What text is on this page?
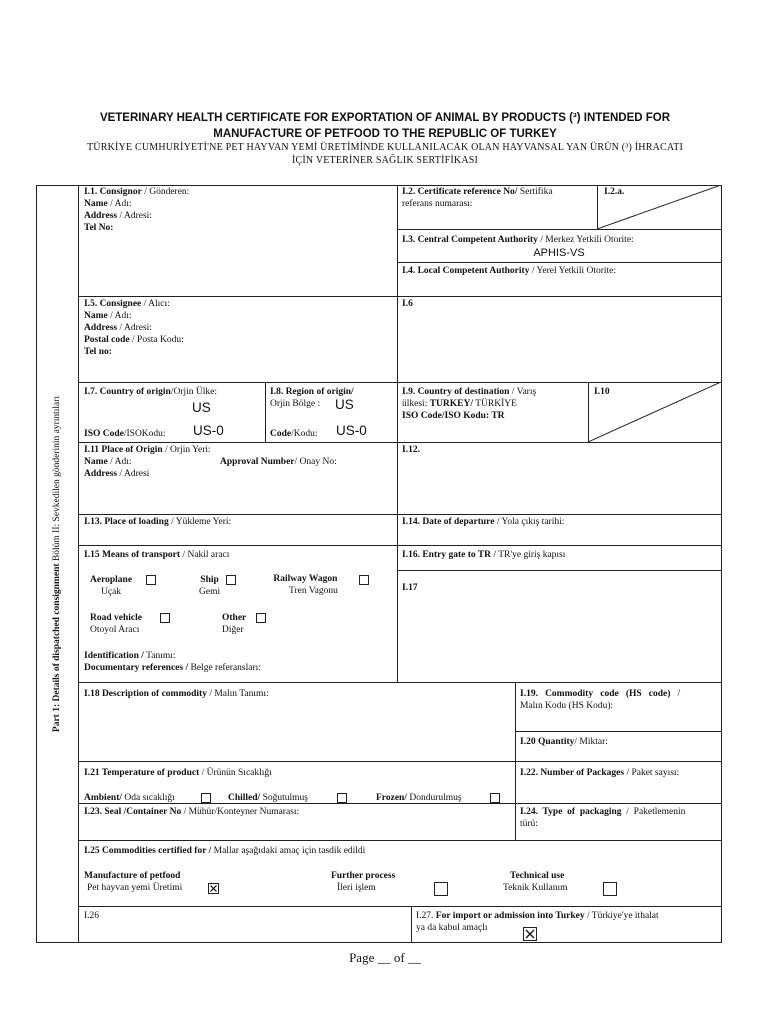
VETERINARY HEALTH CERTIFICATE FOR EXPORTATION OF ANIMAL BY PRODUCTS (³) INTENDED FOR MANUFACTURE OF PETFOOD TO THE REPUBLIC OF TURKEY
TÜRKİYE CUMHURİYETİ'NE PET HAYVAN YEMİ ÜRETİMİNDE KULLANILACAK OLAN HAYVANSAL YAN ÜRÜN (³) İHRACATI İÇİN VETERİNER SAĞLIK SERTİFİKASI
Part 1: Details of dispatched consignment Bölüm II: Sevkedilen gönderinin ayrıntıları
I.1. Consignor / Gönderen:
Name / Adı:
Address / Adresi:
Tel No:
I.2. Certificate reference No/ Sertifika
referans numarası:
I.2.a.
I.3. Central Competent Authority / Merkez Yetkili Otorite:
APHIS-VS
I.4. Local Competent Authority / Yerel Yetkili Otorite:
I.5. Consignee / Alıcı:
Name / Adı:
Address / Adresi:
Postal code / Posta Kodu:
Tel no:
I.6
I.7. Country of origin/Orjin Ülke:
US
ISO Code/ISOKodu: US-0
I.8. Region of origin/
Orjin Bölge :	US
Code/Kodu: US-0
I.9. Country of destination / Varış
ülkesi: TURKEY/ TÜRKİYE
ISO Code/ISO Kodu: TR
I.10
I.11 Place of Origin / Orjin Yeri:
Name / Adı:
Address / Adresi
Approval Number/ Onay No:
I.12.
I.13. Place of loading / Yükleme Yeri:	I.14. Date of departure / Yola çıkış tarihi:
I.15 Means of transport / Nakil aracı
Aeroplane
Uçak
Ship
Gemi
Railway Wagon
Tren Vagonu
Road vehicle
Otoyol Aracı
Other
Diğer
Identification / Tanımı:
Documentary references / Belge referansları:
I.16. Entry gate to TR / TR'ye giriş kapısı
I.17
I.18 Description of commodity / Malın Tanımı:	I.19.   Commodity   code   (HS   code)   /
Malın Kodu (HS Kodu):
I.20 Quantity/ Miktar:
I.21 Temperature of product / Ürünün Sıcaklığı
Ambient/ Oda sıcaklığı	Chilled/ Soğutulmuş	Frozen/ Dondurulmuş
I.22. Number of Packages / Paket sayısı:
I.23. Seal /Container No / Mühür/Konteyner Numarası:	I.24.  Type  of  packaging  /  Paketlemenin
türü:
I.25 Commodities certified for / Mallar aşağıdaki amaç için tasdik edildi
Manufacture of petfood
Pet hayvan yemi Üretimi
Further process
İleri işlem
Technical use
Teknik Kullanım
I.26	I.27. For import or admission into Turkey / Türkiye'ye ithalat
ya da kabul amaçlı
Page __ of __
